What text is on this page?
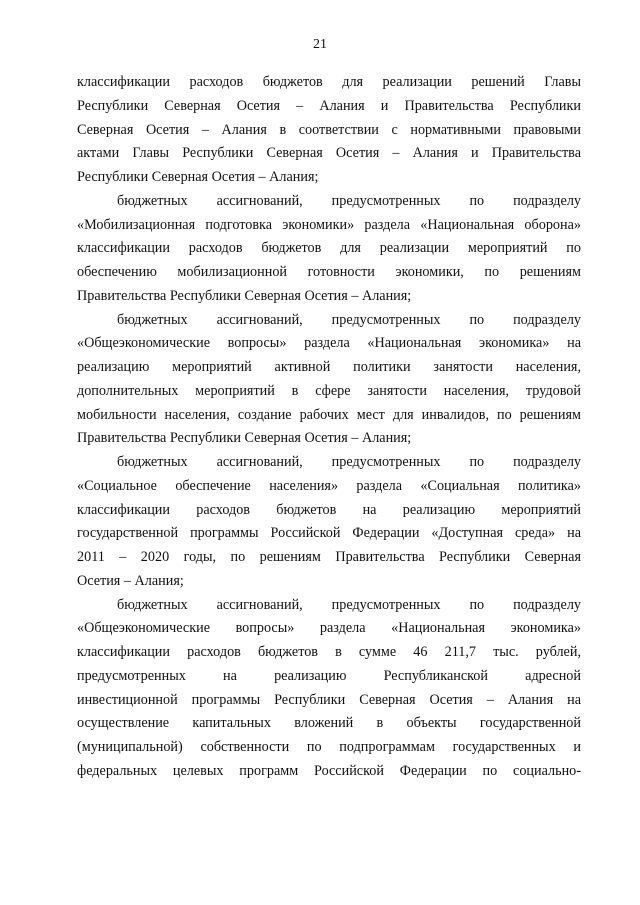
21
классификации расходов бюджетов для реализации решений Главы
Республики Северная Осетия – Алания и Правительства Республики
Северная Осетия – Алания в соответствии с нормативными правовыми
актами Главы Республики Северная Осетия – Алания и Правительства
Республики Северная Осетия – Алания;
бюджетных ассигнований, предусмотренных по подразделу
«Мобилизационная подготовка экономики» раздела «Национальная оборона»
классификации расходов бюджетов для реализации мероприятий по
обеспечению мобилизационной готовности экономики, по решениям
Правительства Республики Северная Осетия – Алания;
бюджетных ассигнований, предусмотренных по подразделу
«Общеэкономические вопросы» раздела «Национальная экономика» на
реализацию мероприятий активной политики занятости населения,
дополнительных мероприятий в сфере занятости населения, трудовой
мобильности населения, создание рабочих мест для инвалидов, по решениям
Правительства Республики Северная Осетия – Алания;
бюджетных ассигнований, предусмотренных по подразделу
«Социальное обеспечение населения» раздела «Социальная политика»
классификации расходов бюджетов на реализацию мероприятий
государственной программы Российской Федерации «Доступная среда» на
2011 – 2020 годы, по решениям Правительства Республики Северная
Осетия – Алания;
бюджетных ассигнований, предусмотренных по подразделу
«Общеэкономические вопросы» раздела «Национальная экономика»
классификации расходов бюджетов в сумме 46 211,7 тыс. рублей,
предусмотренных на реализацию Республиканской адресной
инвестиционной программы Республики Северная Осетия – Алания на
осуществление капитальных вложений в объекты государственной
(муниципальной) собственности по подпрограммам государственных и
федеральных целевых программ Российской Федерации по социально-
